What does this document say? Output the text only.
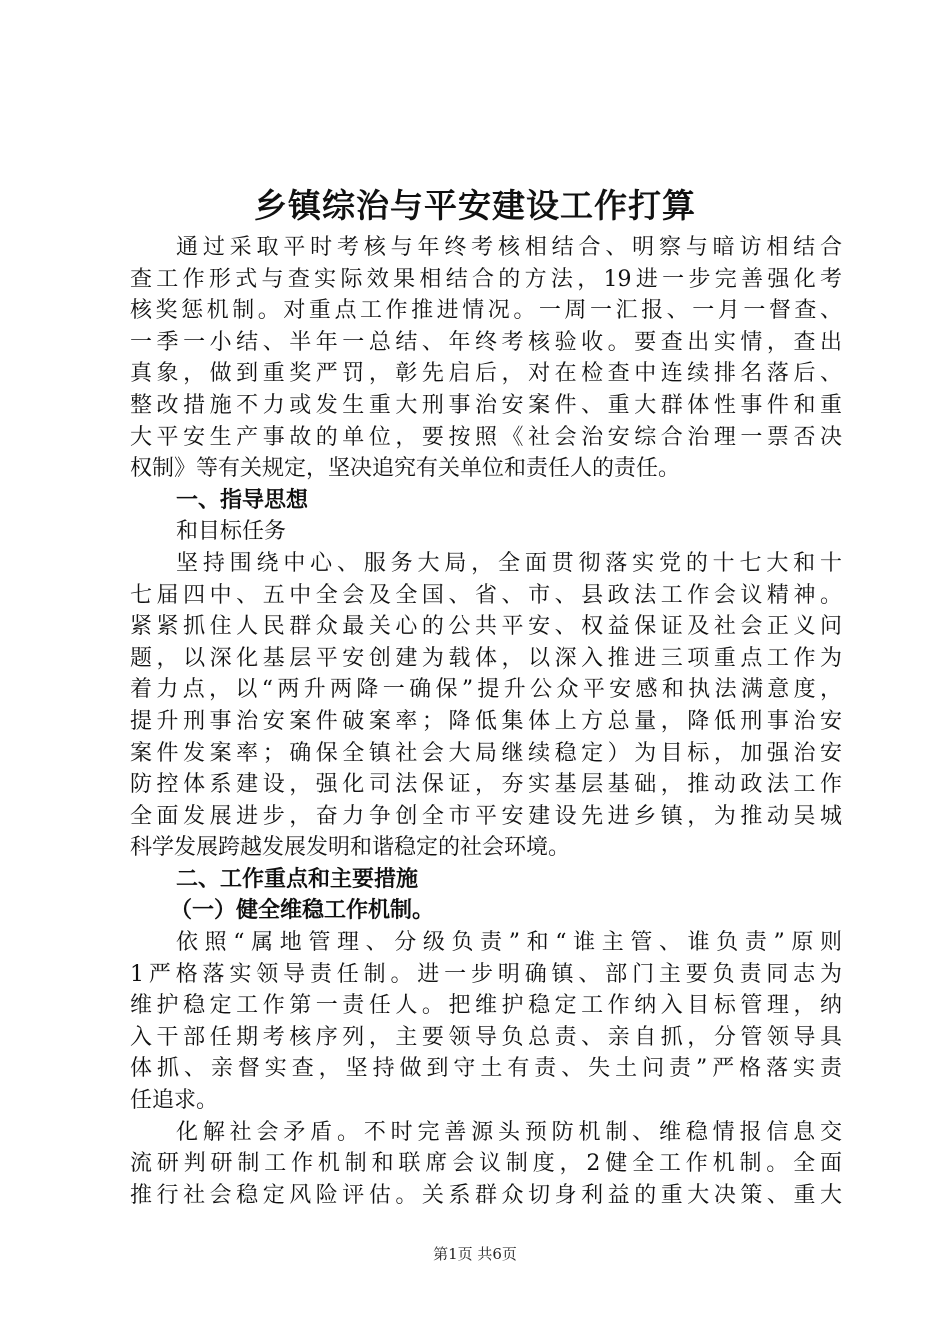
乡镇综治与平安建设工作打算
通过采取平时考核与年终考核相结合、明察与暗访相结合
查工作形式与查实际效果相结合的方法，19进一步完善强化考
核奖惩机制。对重点工作推进情况。一周一汇报、一月一督查、
一季一小结、半年一总结、年终考核验收。要查出实情，查出
真象，做到重奖严罚，彰先启后，对在检查中连续排名落后、
整改措施不力或发生重大刑事治安案件、重大群体性事件和重
大平安生产事故的单位，要按照《社会治安综合治理一票否决
权制》等有关规定，坚决追究有关单位和责任人的责任。
一、指导思想
和目标任务
坚持围绕中心、服务大局，全面贯彻落实党的十七大和十
七届四中、五中全会及全国、省、市、县政法工作会议精神。
紧紧抓住人民群众最关心的公共平安、权益保证及社会正义问
题，以深化基层平安创建为载体，以深入推进三项重点工作为
着力点，以“两升两降一确保”提升公众平安感和执法满意度，
提升刑事治安案件破案率；降低集体上方总量，降低刑事治安
案件发案率；确保全镇社会大局继续稳定）为目标，加强治安
防控体系建设，强化司法保证，夯实基层基础，推动政法工作
全面发展进步，奋力争创全市平安建设先进乡镇，为推动吴城
科学发展跨越发展发明和谐稳定的社会环境。
二、工作重点和主要措施
（一）健全维稳工作机制。
依照“属地管理、分级负责”和“谁主管、谁负责”原则
1严格落实领导责任制。进一步明确镇、部门主要负责同志为
维护稳定工作第一责任人。把维护稳定工作纳入目标管理，纳
入干部任期考核序列，主要领导负总责、亲自抓，分管领导具
体抓、亲督实查，坚持做到守土有责、失土问责”严格落实责
任追求。
化解社会矛盾。不时完善源头预防机制、维稳情报信息交
流研判研制工作机制和联席会议制度，2健全工作机制。全面
推行社会稳定风险评估。关系群众切身利益的重大决策、重大
第1页 共6页
